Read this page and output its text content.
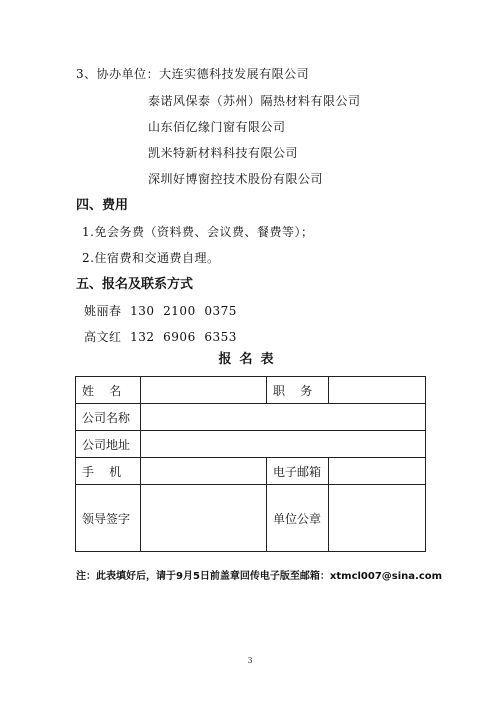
3、协办单位：大连实德科技发展有限公司
泰诺风保泰（苏州）隔热材料有限公司
山东佰亿缘门窗有限公司
凯米特新材料科技有限公司
深圳好博窗控技术股份有限公司
四、费用
1.免会务费（资料费、会议费、餐费等）；
2.住宿费和交通费自理。
五、报名及联系方式
姚丽春  130  2100  0375
高文红  132  6906  6353
报名表
姓    名		职    务	
公司名称			
公司地址			
手    机		电子邮箱	
领导签字		单位公章	
注：此表填好后，请于9月5日前盖章回传电子版至邮箱：xtmcl007@sina.com
3
